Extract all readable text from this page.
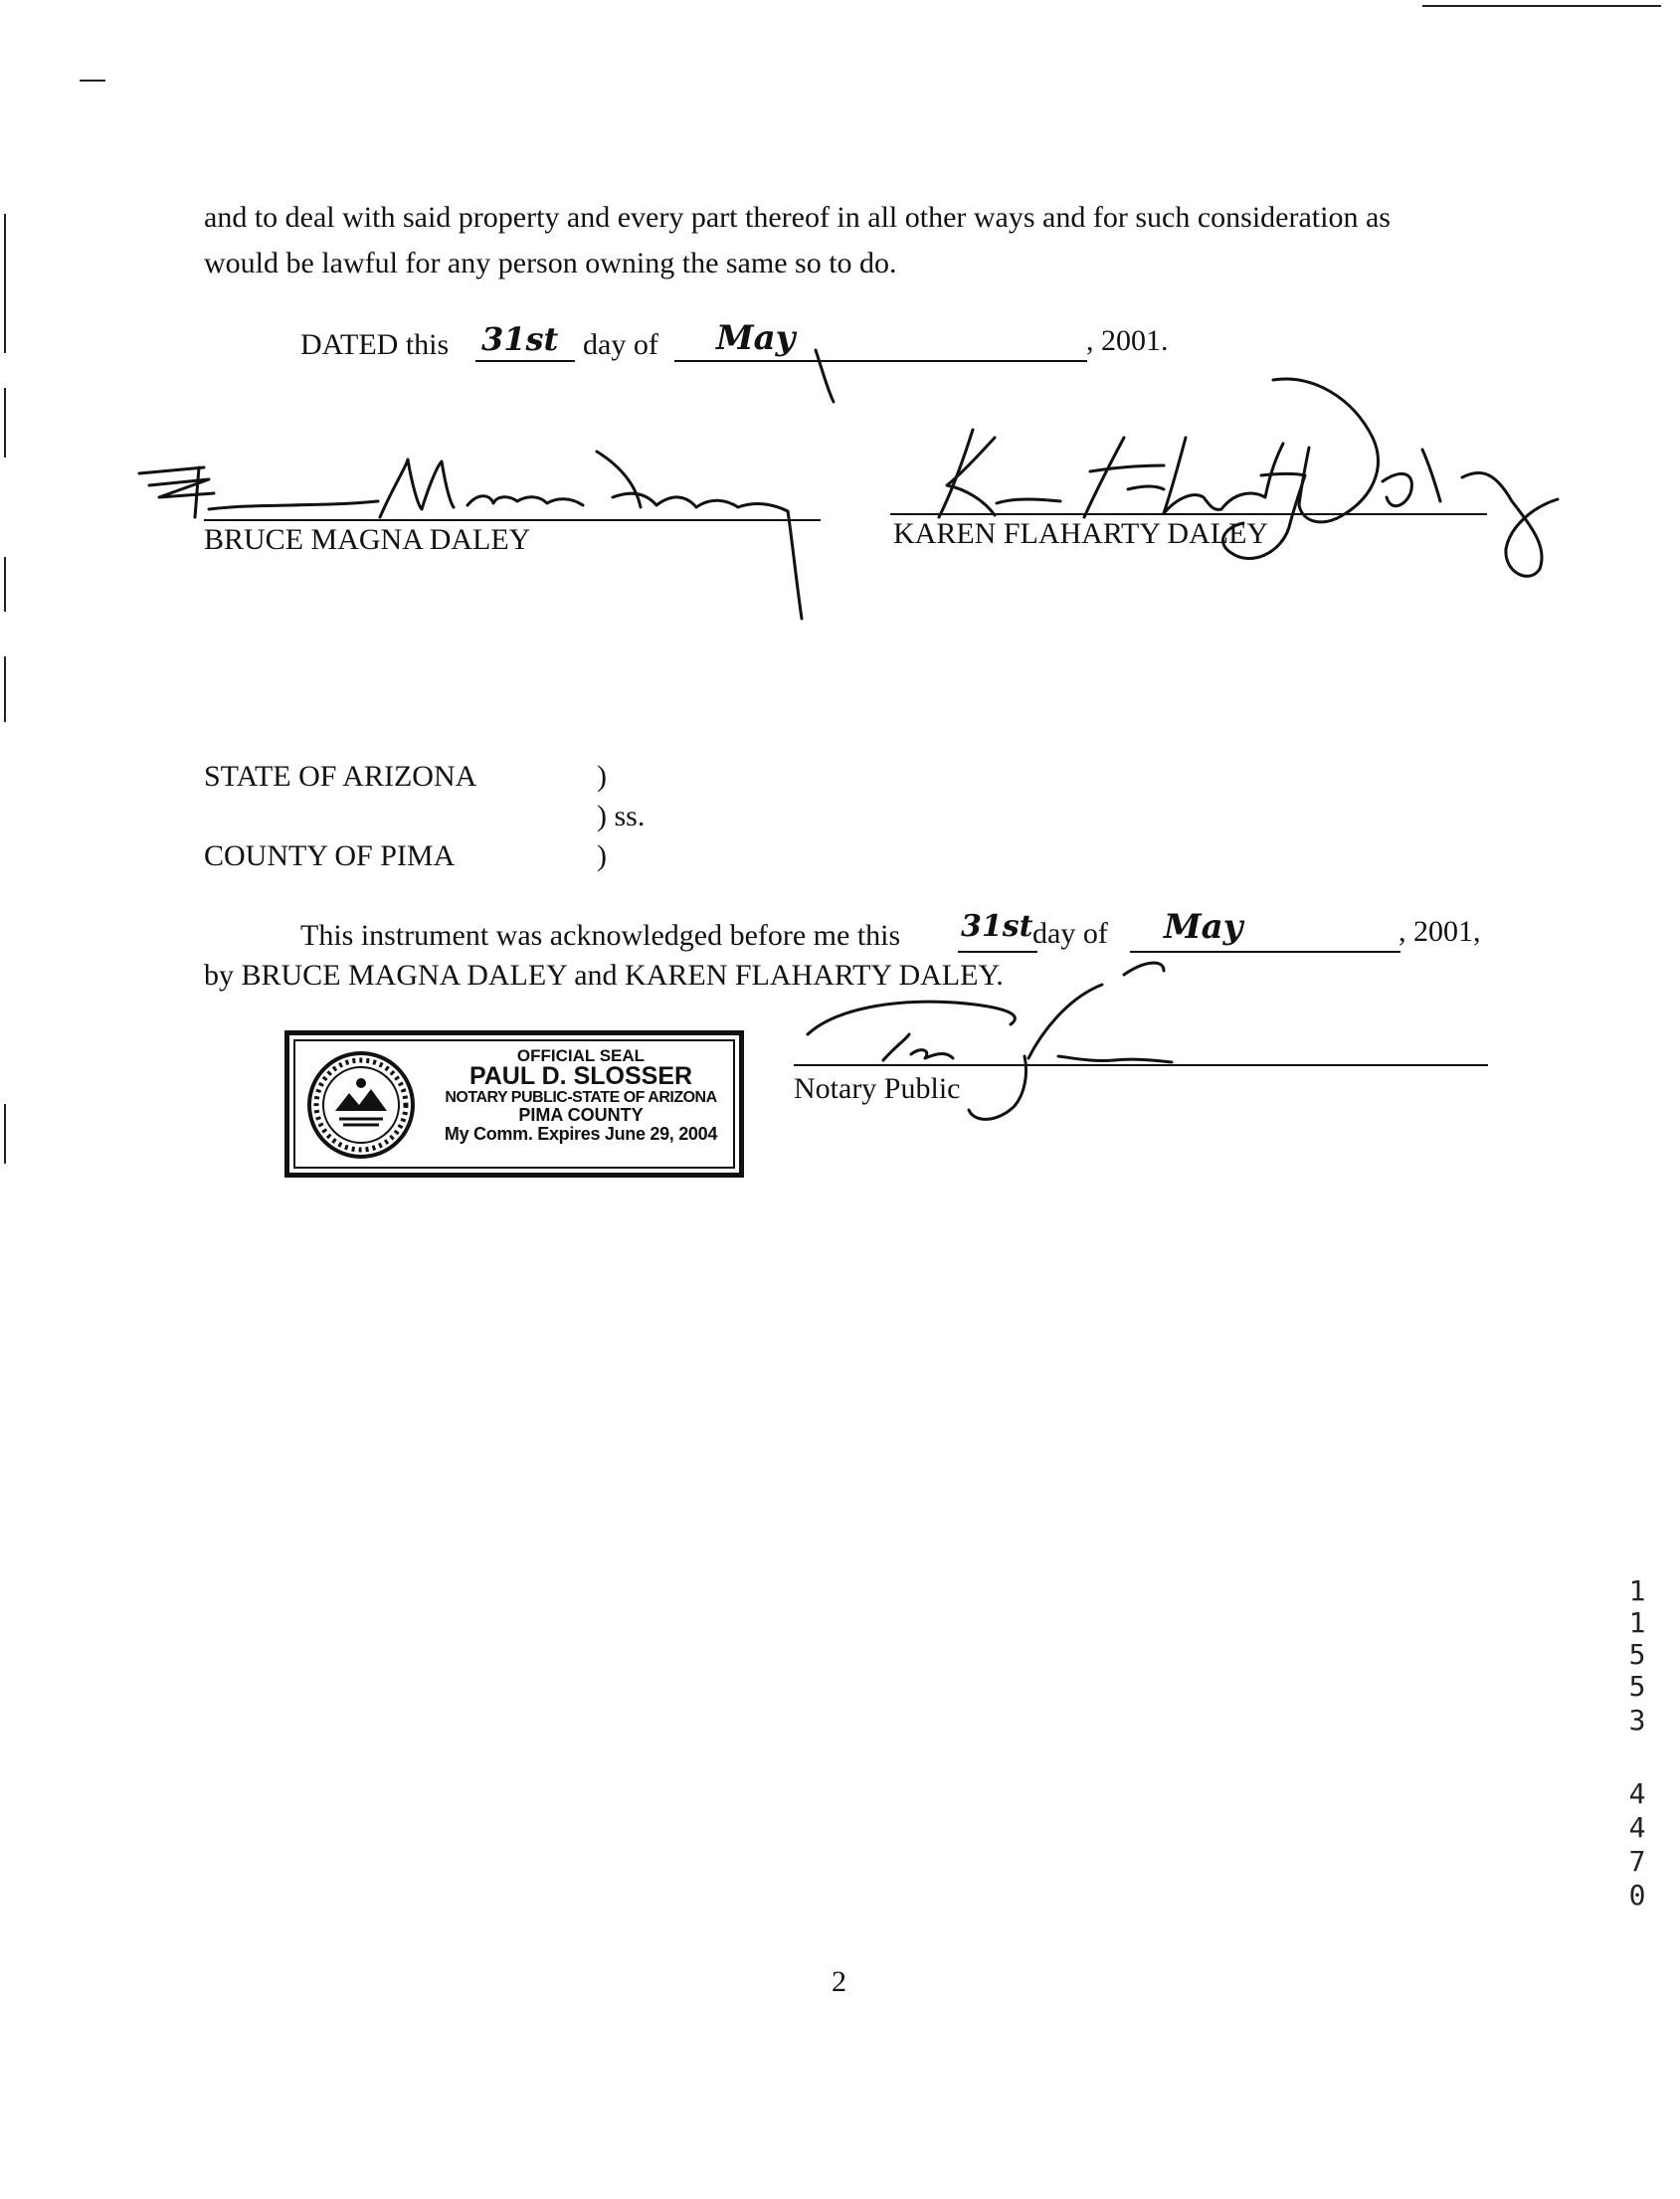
and to deal with said property and every part thereof in all other ways and for such consideration as
would be lawful for any person owning the same so to do.
DATED this 31st day of May	, 2001.
BRUCE MAGNA DALEY	KAREN FLAHARTY DALEY
STATE OF ARIZONA	)
) ss.
COUNTY OF PIMA	)
This instrument was acknowledged before me this 31st day of May	, 2001,
by BRUCE MAGNA DALEY and KAREN FLAHARTY DALEY.
Notary Public
OFFICIAL SEAL
PAUL D. SLOSSER
NOTARY PUBLIC-STATE OF ARIZONA
PIMA COUNTY
My Comm. Expires June 29, 2004
2
1
1
5
5
3
4
4
7
0
